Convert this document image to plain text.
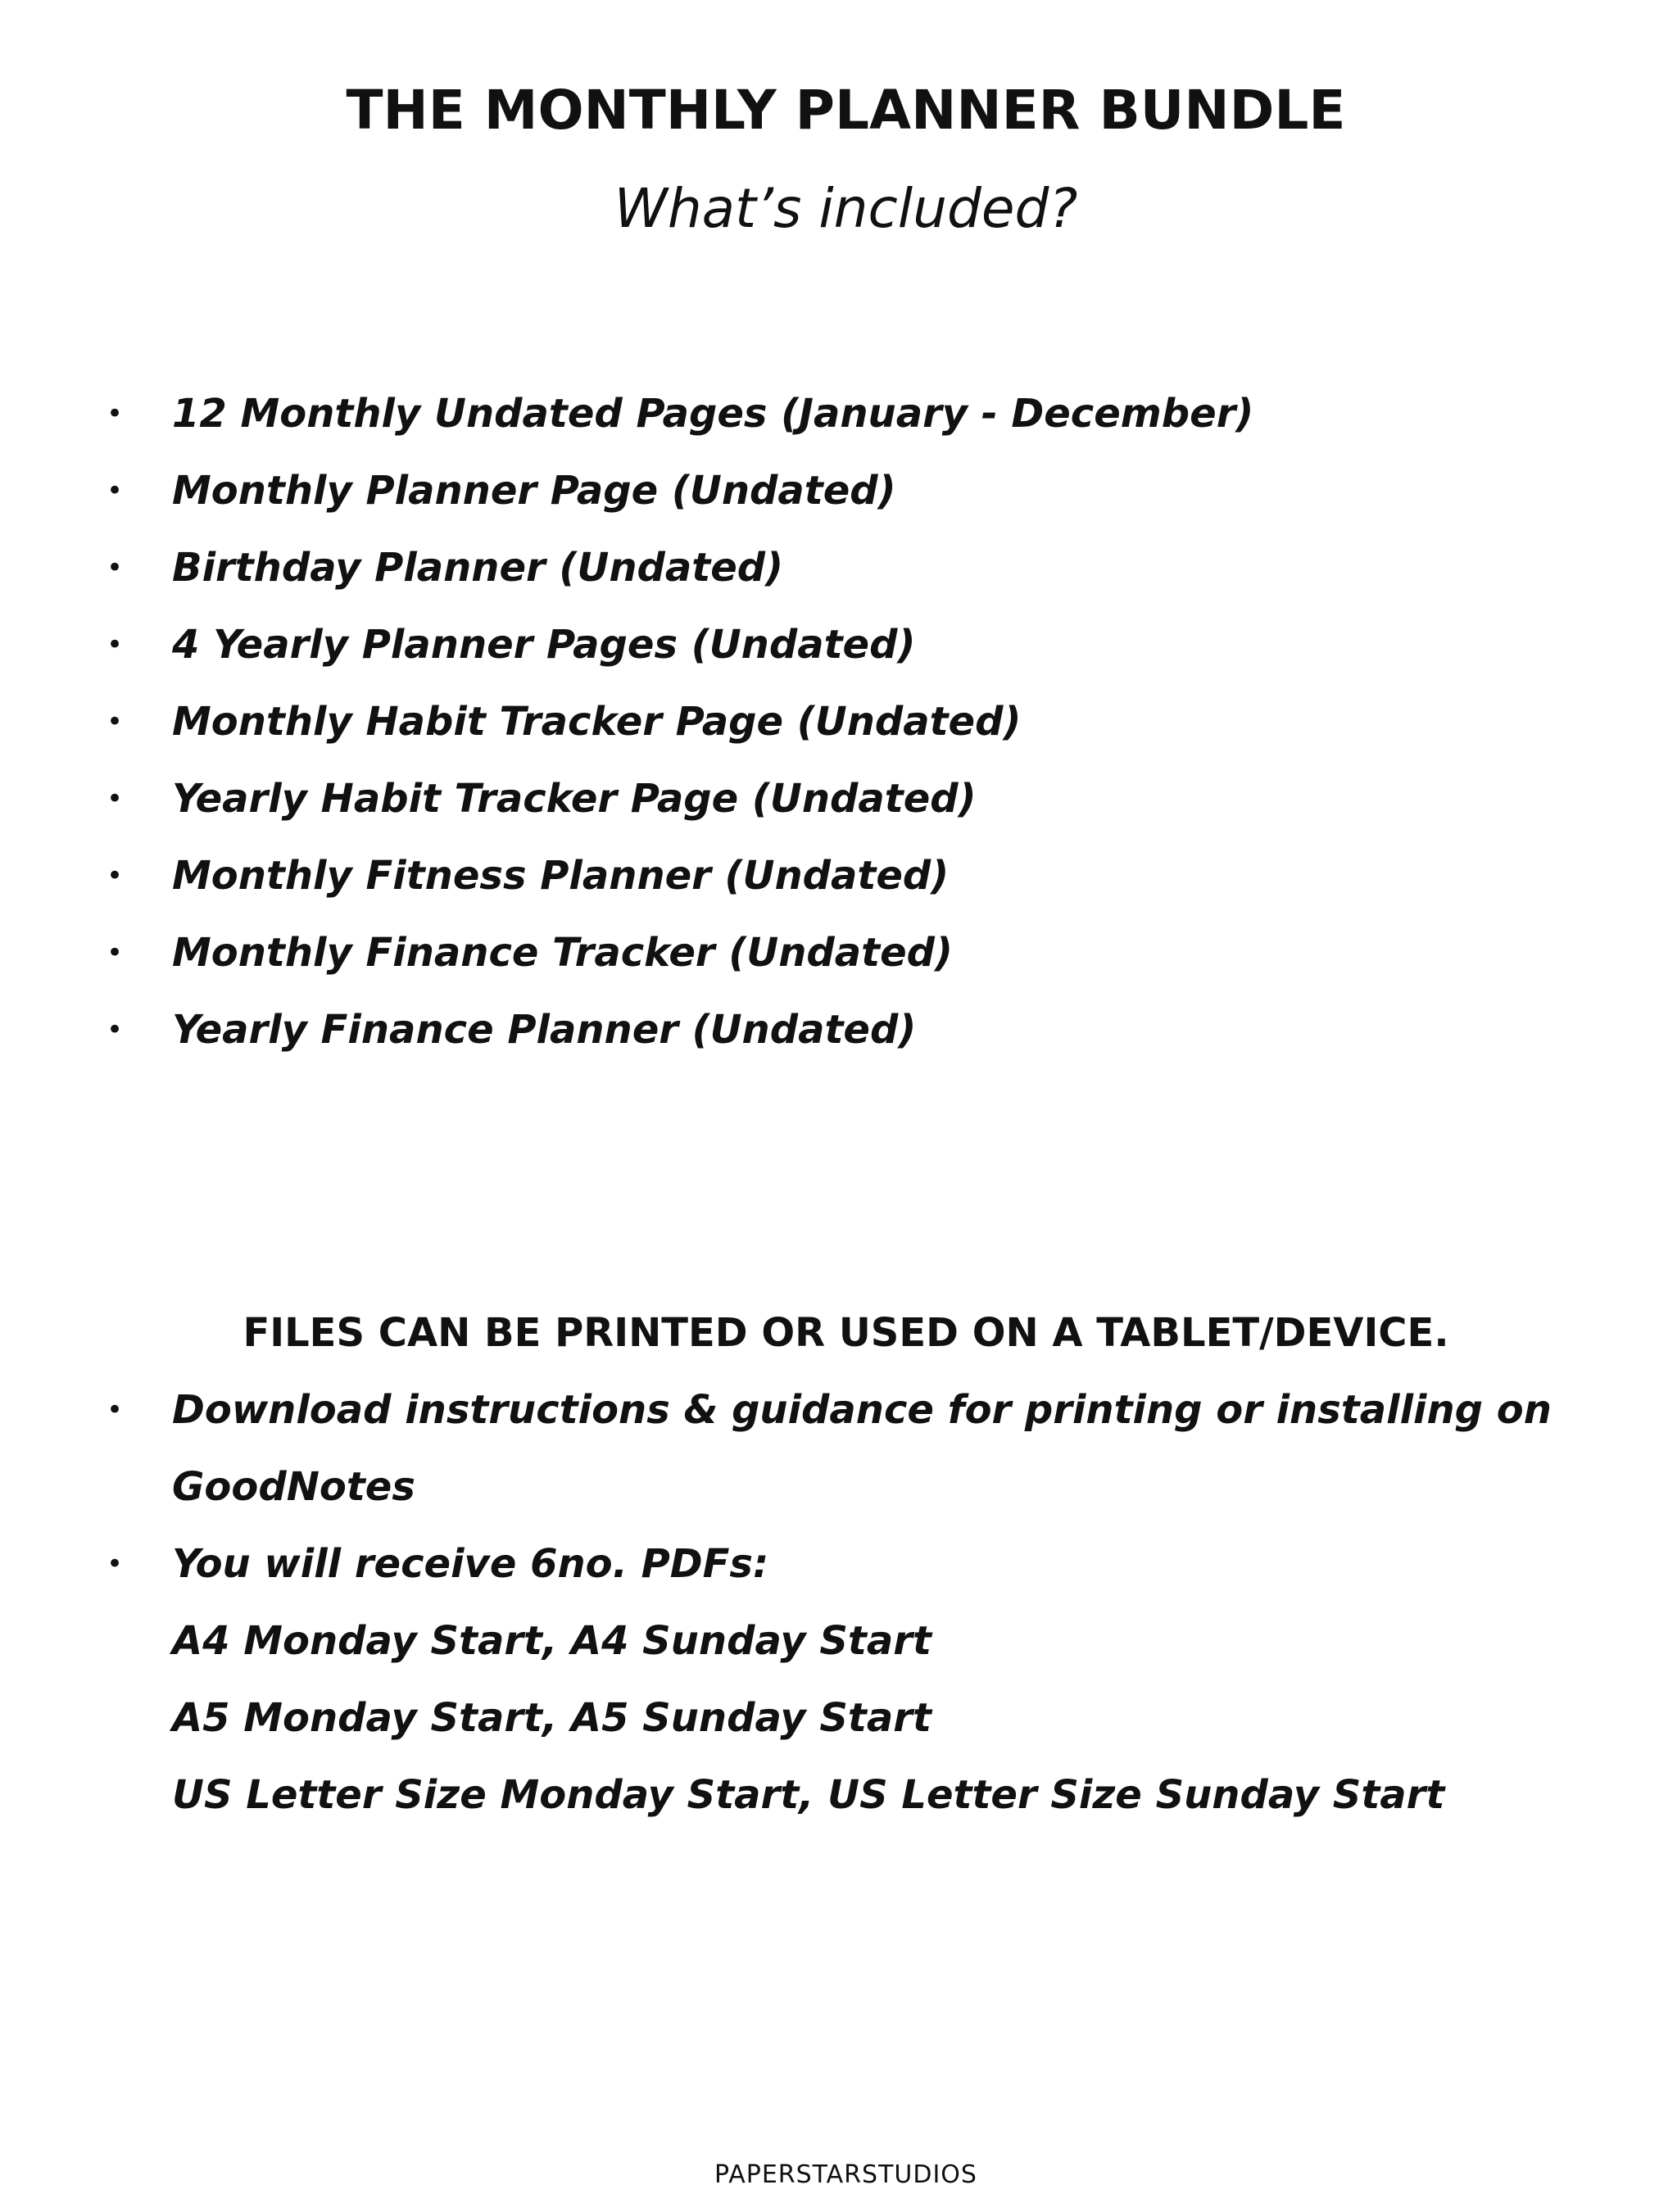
THE MONTHLY PLANNER BUNDLE

What’s included?

• 12 Monthly Undated Pages (January - December)
• Monthly Planner Page (Undated)
• Birthday Planner (Undated)
• 4 Yearly Planner Pages (Undated)
• Monthly Habit Tracker Page (Undated)
• Yearly Habit Tracker Page (Undated)
• Monthly Fitness Planner (Undated)
• Monthly Finance Tracker (Undated)
• Yearly Finance Planner (Undated)
FILES CAN BE PRINTED OR USED ON A TABLET/DEVICE.
• Download instructions & guidance for printing or installing on
GoodNotes
• You will receive 6no. PDFs:
A4 Monday Start, A4 Sunday Start
A5 Monday Start, A5 Sunday Start
US Letter Size Monday Start, US Letter Size Sunday Start

PAPERSTARSTUDIOS
